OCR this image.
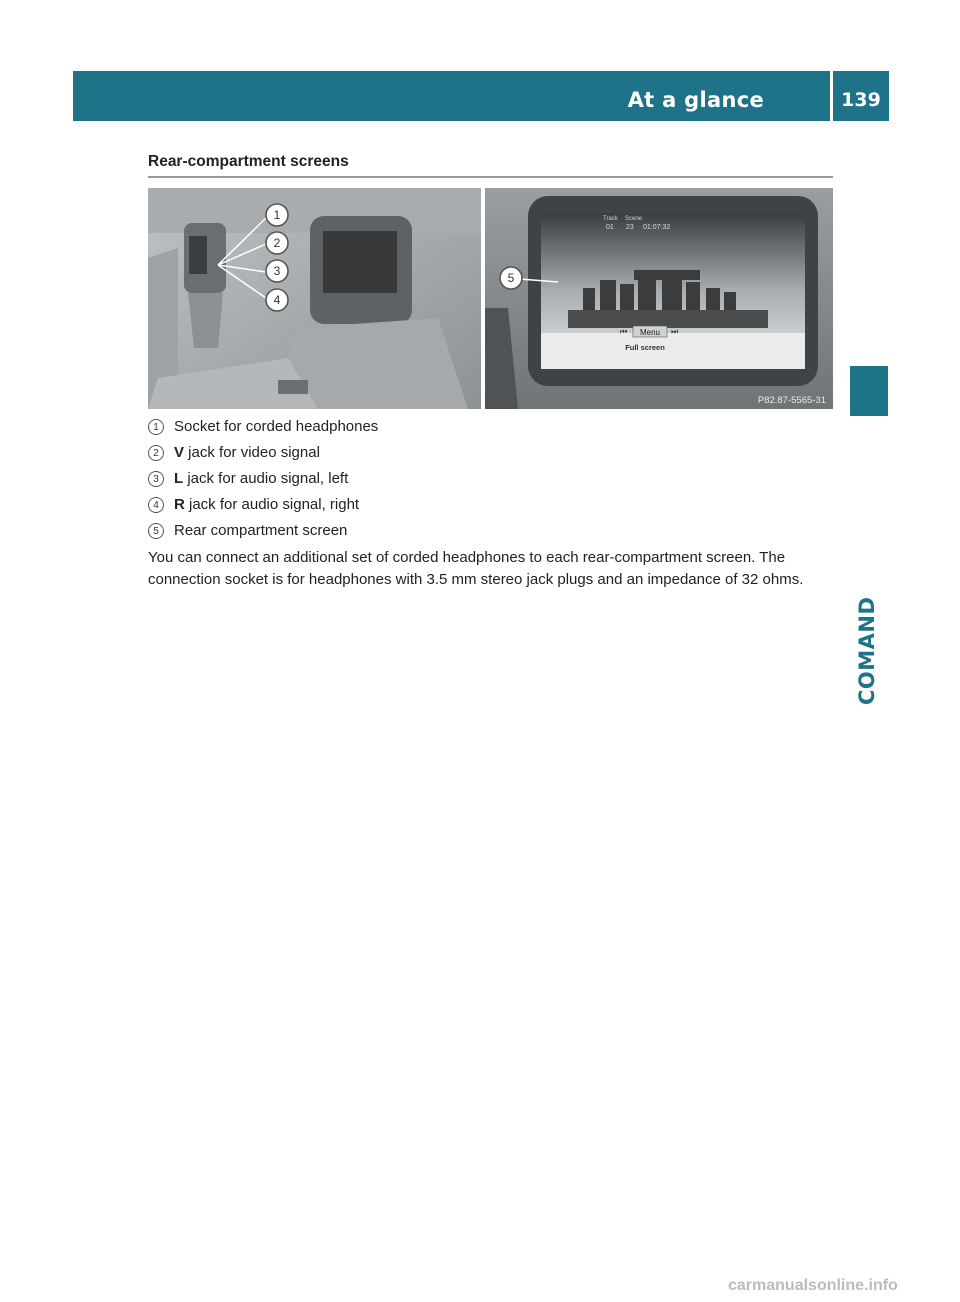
At a glance	139
COMAND
Rear-compartment screens
Track Scene
01 23 01:07:32
⏮ Menu ⏭
Full screen
P82.87-5565-31
1
2
3
4
5
1	Socket for corded headphones
2	V jack for video signal
3	L jack for audio signal, left
4	R jack for audio signal, right
5	Rear compartment screen

You can connect an additional set of corded headphones to each rear-compartment screen. The connection socket is for headphones with 3.5 mm stereo jack plugs and an impedance of 32 ohms.

carmanualsonline.info
